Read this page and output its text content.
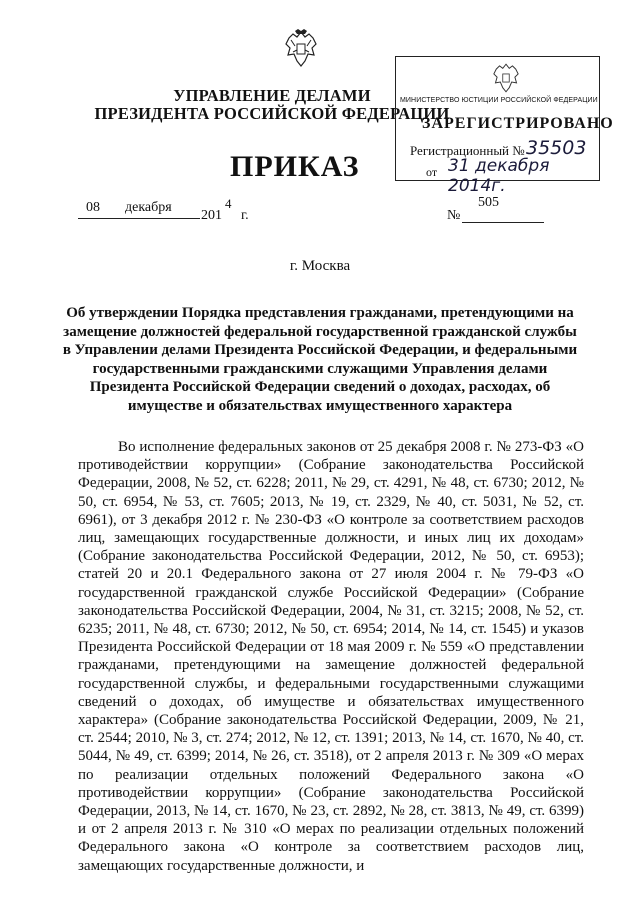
УПРАВЛЕНИЕ ДЕЛАМИ
ПРЕЗИДЕНТА РОССИЙСКОЙ ФЕДЕРАЦИИ
МИНИСТЕРСТВО ЮСТИЦИИ РОССИЙСКОЙ ФЕДЕРАЦИИ
ЗАРЕГИСТРИРОВАНО
Регистрационный № 35503
от 31 декабря 2014г.
ПРИКАЗ
08 декабря	4
201 г.
505
№
г. Москва
Об утверждении Порядка представления гражданами, претендующими на замещение должностей федеральной государственной гражданской службы в Управлении делами Президента Российской Федерации, и федеральными государственными гражданскими служащими Управления делами Президента Российской Федерации сведений о доходах, расходах, об имуществе и обязательствах имущественного характера

Во исполнение федеральных законов от 25 декабря 2008 г. № 273-ФЗ «О противодействии коррупции» (Собрание законодательства Российской Федерации, 2008, № 52, ст. 6228; 2011, № 29, ст. 4291, № 48, ст. 6730; 2012, № 50, ст. 6954, № 53, ст. 7605; 2013, № 19, ст. 2329, № 40, ст. 5031, № 52, ст. 6961), от 3 декабря 2012 г. № 230-ФЗ «О контроле за соответствием расходов лиц, замещающих государственные должности, и иных лиц их доходам» (Собрание законодательства Российской Федерации, 2012, № 50, ст. 6953); статей 20 и 20.1 Федерального закона от 27 июля 2004 г. № 79-ФЗ «О государственной гражданской службе Российской Федерации» (Собрание законодательства Российской Федерации, 2004, № 31, ст. 3215; 2008, № 52, ст. 6235; 2011, № 48, ст. 6730; 2012, № 50, ст. 6954; 2014, № 14, ст. 1545) и указов Президента Российской Федерации от 18 мая 2009 г. № 559 «О представлении гражданами, претендующими на замещение должностей федеральной государственной службы, и федеральными государственными служащими сведений о доходах, об имуществе и обязательствах имущественного характера» (Собрание законодательства Российской Федерации, 2009, № 21, ст. 2544; 2010, № 3, ст. 274; 2012, № 12, ст. 1391; 2013, № 14, ст. 1670, № 40, ст. 5044, № 49, ст. 6399; 2014, № 26, ст. 3518), от 2 апреля 2013 г. № 309 «О мерах по реализации отдельных положений Федерального закона «О противодействии коррупции» (Собрание законодательства Российской Федерации, 2013, № 14, ст. 1670, № 23, ст. 2892, № 28, ст. 3813, № 49, ст. 6399) и от 2 апреля 2013 г. № 310 «О мерах по реализации отдельных положений Федерального закона «О контроле за соответствием расходов лиц, замещающих государственные должности, и
